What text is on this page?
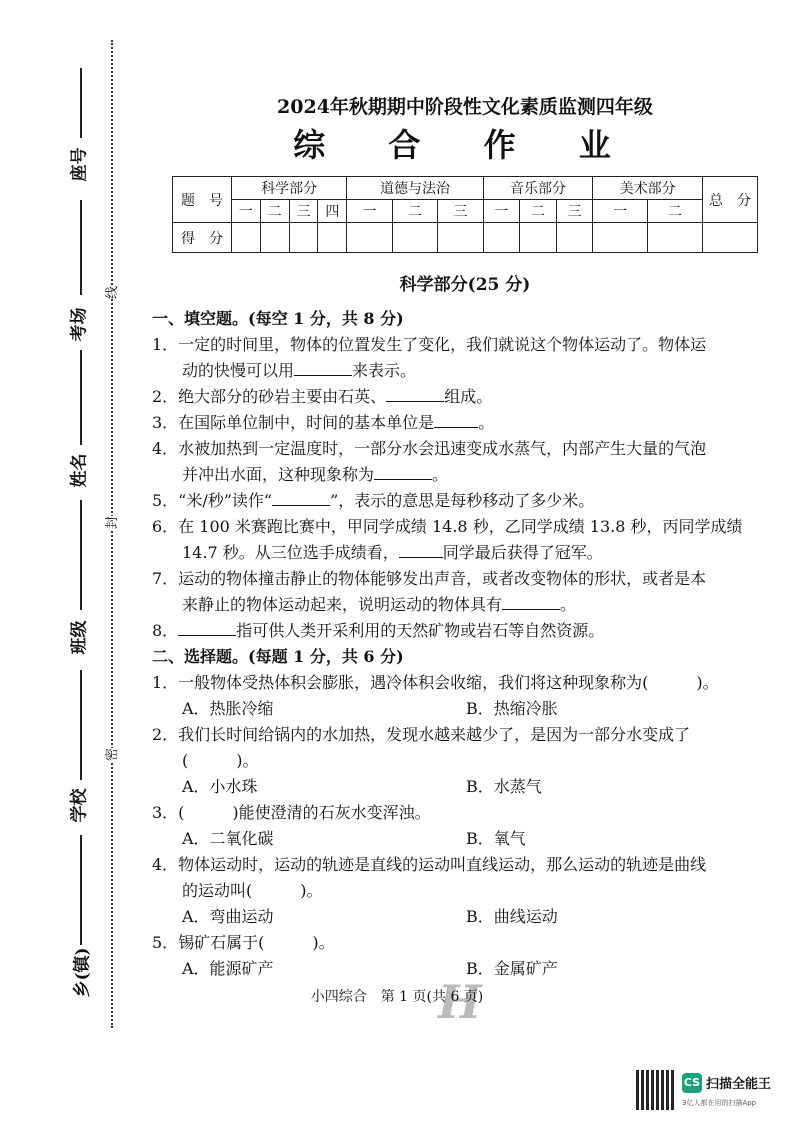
座号
考场
姓名
班级
学校
乡(镇)
线
封
密
2024年秋期期中阶段性文化素质监测四年级
综 合 作 业
题　号	科学部分				道德与法治			音乐部分			美术部分		总　分
	一	二	三	四	一	二	三	一	二	三	一	二	
得　分													
科学部分(25 分)
一、填空题。(每空 1 分，共 8 分)
1．一定的时间里，物体的位置发生了变化，我们就说这个物体运动了。物体运
动的快慢可以用	来表示。
2．绝大部分的砂岩主要由石英、	组成。
3．在国际单位制中，时间的基本单位是	。
4．水被加热到一定温度时，一部分水会迅速变成水蒸气，内部产生大量的气泡
并冲出水面，这种现象称为	。
5．“米/秒”读作“	”，表示的意思是每秒移动了多少米。
6．在 100 米赛跑比赛中，甲同学成绩 14.8 秒，乙同学成绩 13.8 秒，丙同学成绩
14.7 秒。从三位选手成绩看，	同学最后获得了冠军。
7．运动的物体撞击静止的物体能够发出声音，或者改变物体的形状，或者是本
来静止的物体运动起来，说明运动的物体具有	。
8．	指可供人类开采利用的天然矿物或岩石等自然资源。
二、选择题。(每题 1 分，共 6 分)
1．一般物体受热体积会膨胀，遇冷体积会收缩，我们将这种现象称为(　　　)。
A．热胀冷缩	B．热缩冷胀
2．我们长时间给锅内的水加热，发现水越来越少了，是因为一部分水变成了
(　　　)。
A．小水珠	B．水蒸气
3．(　　　)能使澄清的石灰水变浑浊。
A．二氧化碳	B．氧气
4．物体运动时，运动的轨迹是直线的运动叫直线运动，那么运动的轨迹是曲线
的运动叫(　　　)。
A．弯曲运动	B．曲线运动
5．锡矿石属于(　　　)。
A．能源矿产	B．金属矿产
H
小四综合　第 1 页(共 6 页)
CS 扫描全能王
3亿人都在用的扫描App
